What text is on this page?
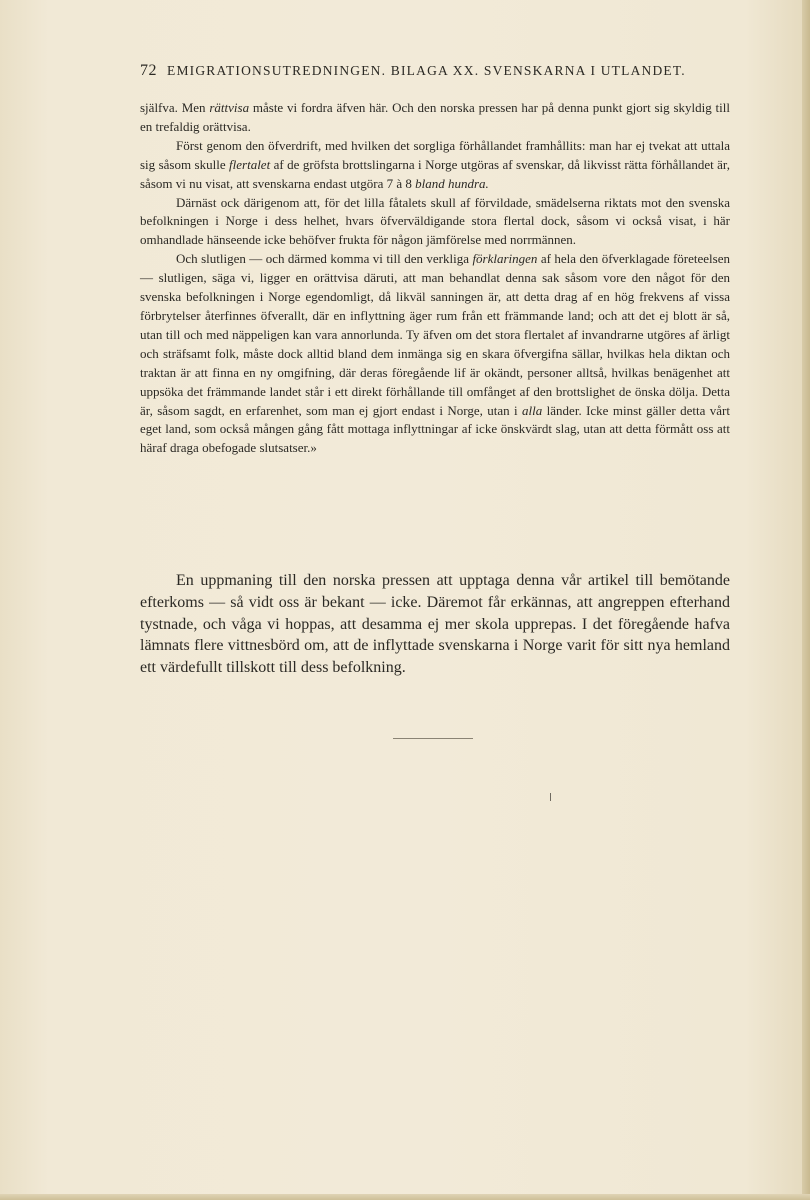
72 EMIGRATIONSUTREDNINGEN. BILAGA XX. SVENSKARNA I UTLANDET.

själfva. Men rättvisa måste vi fordra äfven här. Och den norska pressen har på denna punkt gjort sig skyldig till en trefaldig orättvisa.

Först genom den öfverdrift, med hvilken det sorgliga förhållandet framhållits: man har ej tvekat att uttala sig såsom skulle flertalet af de gröfsta brottslingarna i Norge utgöras af svenskar, då likvisst rätta förhållandet är, såsom vi nu visat, att svenskarna endast utgöra 7 à 8 bland hundra.

Därnäst ock därigenom att, för det lilla fåtalets skull af förvildade, smädelserna riktats mot den svenska befolkningen i Norge i dess helhet, hvars öfverväldigande stora flertal dock, såsom vi också visat, i här omhandlade hänseende icke behöfver frukta för någon jämförelse med norrmännen.

Och slutligen — och därmed komma vi till den verkliga förklaringen af hela den öfverklagade företeelsen — slutligen, säga vi, ligger en orättvisa däruti, att man behandlat denna sak såsom vore den något för den svenska befolkningen i Norge egendomligt, då likväl sanningen är, att detta drag af en hög frekvens af vissa förbrytelser återfinnes öfverallt, där en inflyttning äger rum från ett främmande land; och att det ej blott är så, utan till och med näppeligen kan vara annorlunda. Ty äfven om det stora flertalet af invandrarne utgöres af ärligt och sträfsamt folk, måste dock alltid bland dem inmänga sig en skara öfvergifna sällar, hvilkas hela diktan och traktan är att finna en ny omgifning, där deras föregående lif är okändt, personer alltså, hvilkas benägenhet att uppsöka det främmande landet står i ett direkt förhållande till omfånget af den brottslighet de önska dölja. Detta är, såsom sagdt, en erfarenhet, som man ej gjort endast i Norge, utan i alla länder. Icke minst gäller detta vårt eget land, som också mången gång fått mottaga inflyttningar af icke önskvärdt slag, utan att detta förmått oss att häraf draga obefogade slutsatser.»

En uppmaning till den norska pressen att upptaga denna vår artikel till bemötande efterkoms — så vidt oss är bekant — icke. Däremot får erkännas, att angreppen efterhand tystnade, och våga vi hoppas, att desamma ej mer skola upprepas. I det föregående hafva lämnats flere vittnesbörd om, att de inflyttade svenskarna i Norge varit för sitt nya hemland ett värdefullt tillskott till dess befolkning.
